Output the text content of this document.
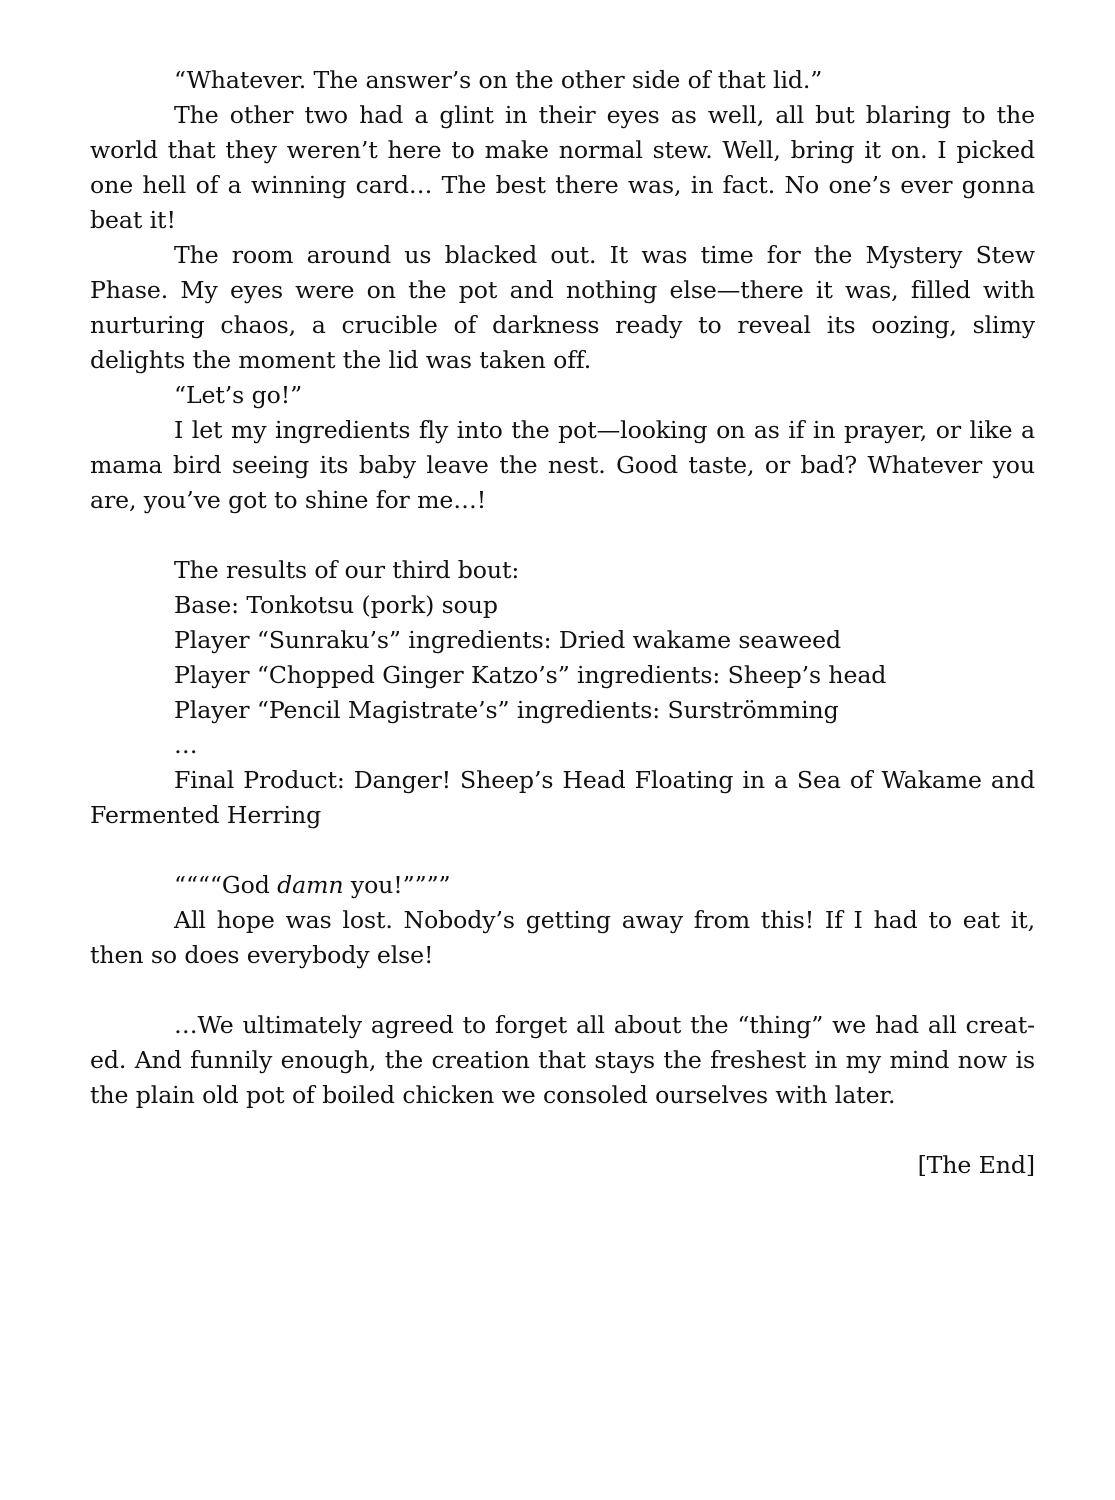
“Whatever. The answer’s on the other side of that lid.”

The other two had a glint in their eyes as well, all but blaring to the world that they weren’t here to make normal stew. Well, bring it on. I picked one hell of a winning card… The best there was, in fact. No one’s ever gonna beat it!

The room around us blacked out. It was time for the Mystery Stew Phase. My eyes were on the pot and nothing else—there it was, filled with nurturing chaos, a crucible of darkness ready to reveal its oozing, slimy delights the moment the lid was taken off.

“Let’s go!”

I let my ingredients fly into the pot—looking on as if in prayer, or like a mama bird seeing its baby leave the nest. Good taste, or bad? Whatever you are, you’ve got to shine for me…!

The results of our third bout:

Base: Tonkotsu (pork) soup

Player “Sunraku’s” ingredients: Dried wakame seaweed

Player “Chopped Ginger Katzo’s” ingredients: Sheep’s head

Player “Pencil Magistrate’s” ingredients: Surströmming

…

Final Product: Danger! Sheep’s Head Floating in a Sea of Wakame and Fermented Herring

““““God damn you!””””

All hope was lost. Nobody’s getting away from this! If I had to eat it, then so does everybody else!

…We ultimately agreed to forget all about the “thing” we had all creat-ed. And funnily enough, the creation that stays the freshest in my mind now is the plain old pot of boiled chicken we consoled ourselves with later.

[The End]
